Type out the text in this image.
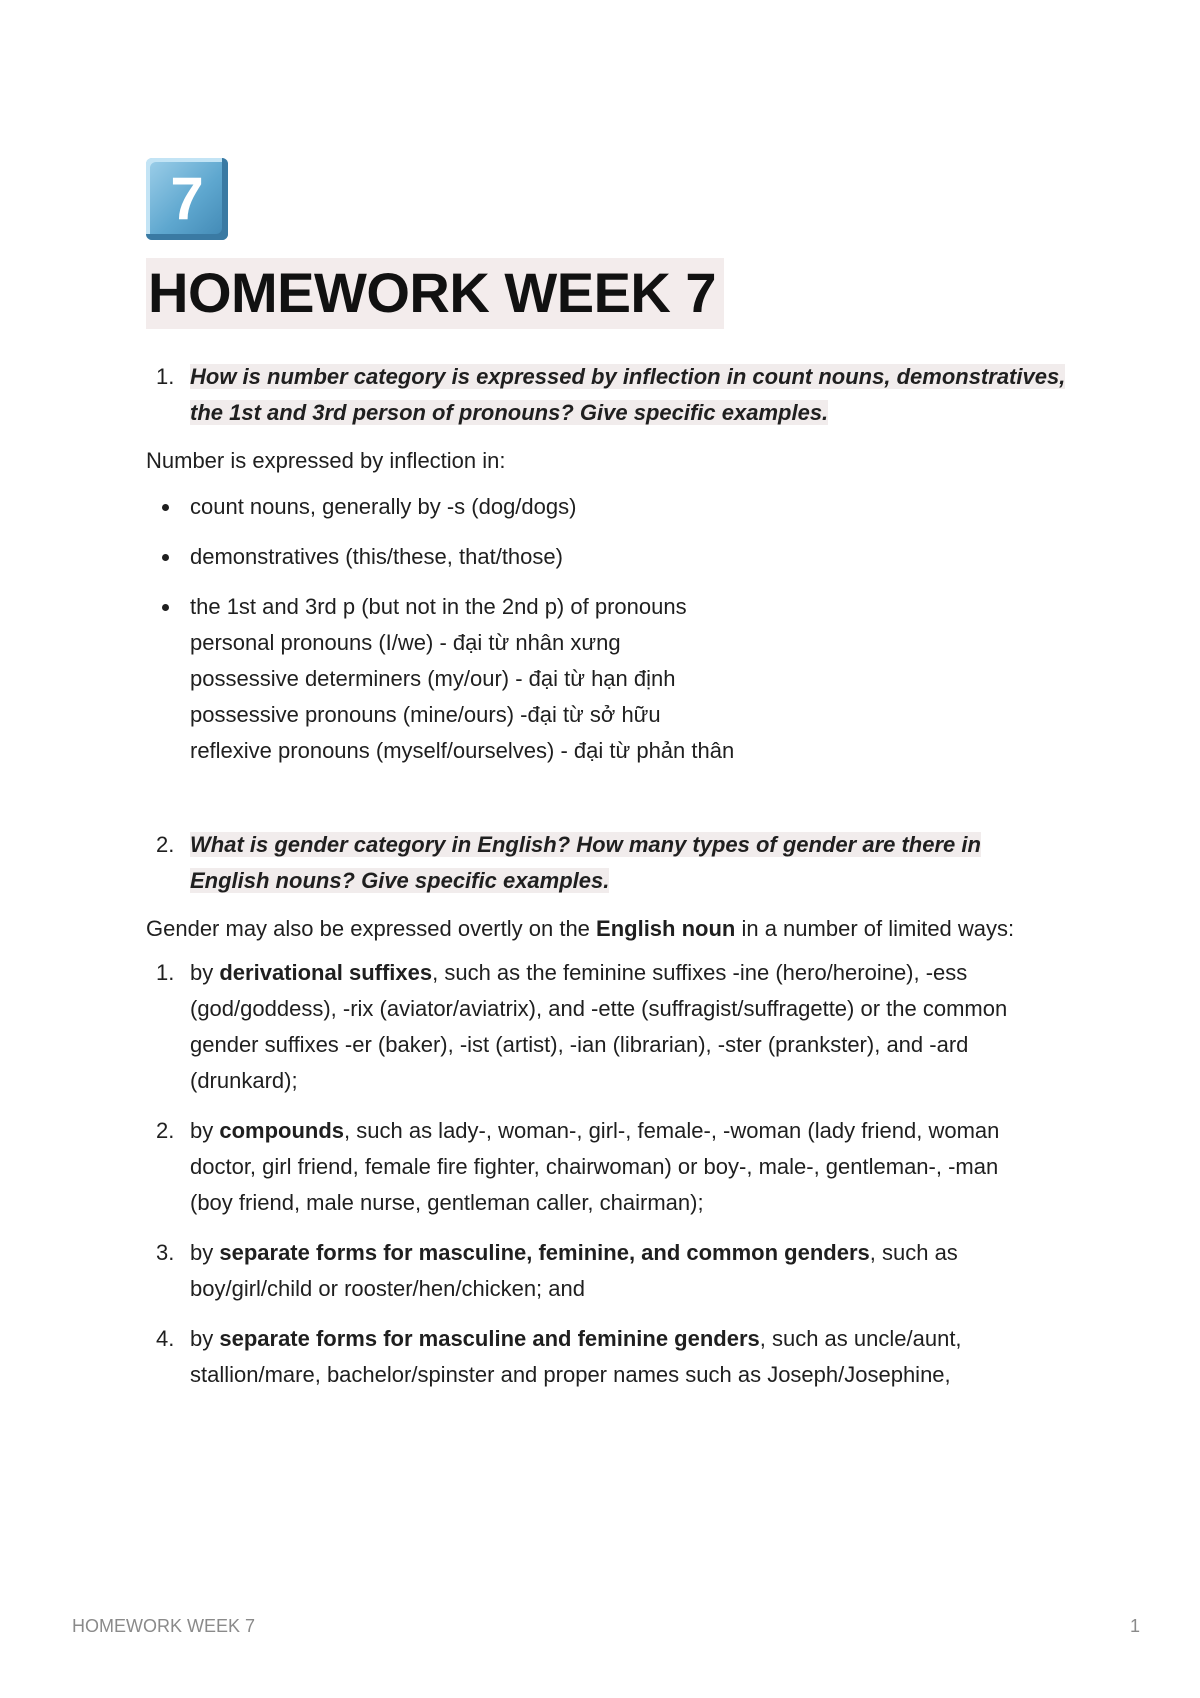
7
HOMEWORK WEEK 7
1. How is number category is expressed by inflection in count nouns, demonstratives, the 1st and 3rd person of pronouns? Give specific examples.

Number is expressed by inflection in:

count nouns, generally by -s (dog/dogs)
demonstratives (this/these, that/those)
the 1st and 3rd p (but not in the 2nd p) of pronouns
personal pronouns (I/we) - đại từ nhân xưng
possessive determiners (my/our) - đại từ hạn định
possessive pronouns (mine/ours) -đại từ sở hữu
reflexive pronouns (myself/ourselves) - đại từ phản thân
2. What is gender category in English? How many types of gender are there in English nouns? Give specific examples.

Gender may also be expressed overtly on the English noun in a number of limited ways:

1. by derivational suffixes, such as the feminine suffixes -ine (hero/heroine), -ess (god/goddess), -rix (aviator/aviatrix), and -ette (suffragist/suffragette) or the common gender suffixes -er (baker), -ist (artist), -ian (librarian), -ster (prankster), and -ard (drunkard);
2. by compounds, such as lady-, woman-, girl-, female-, -woman (lady friend, woman doctor, girl friend, female fire fighter, chairwoman) or boy-, male-, gentleman-, -man
(boy friend, male nurse, gentleman caller, chairman);
3. by separate forms for masculine, feminine, and common genders, such as boy/girl/child or rooster/hen/chicken; and
4. by separate forms for masculine and feminine genders, such as uncle/aunt, stallion/mare, bachelor/spinster and proper names such as Joseph/Josephine,
HOMEWORK WEEK 7	1
